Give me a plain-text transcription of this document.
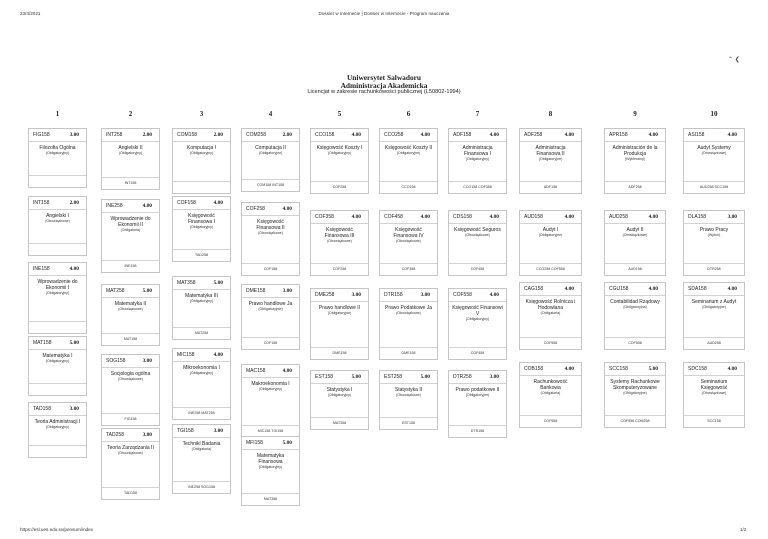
23/4/2021	Dossier w Internecie | Dossier w Internecie - Program nauczania
⌃ ❮
Uniwersytet Salwadoru
Administracja Akademicka
Licencjat w zakresie rachunkowości publicznej (L50802-1994)
1	2	3	4	5	6	7	8	9	10
FIG158	3.00
Filozofia Ogólna
(Obligatoryjny)
INT158	2.00
Angielski I
(Obowiązkowe)
INE158	4.00
Wprowadzenie do Ekonomii I
(Obligatoryjny)
MAT158	5.00
Matematyka I
(Obligatoryjny)
TAD158	3.00
Teoria Administracji I
(Obligatoryjny)
INT258	2.00
Angielski II
(Obligatoryjny)
INT158
INE258	4.00
Wprowadzenie do Ekonomii II
(Obligatoria)
INE158
MAT258	5.00
Matematyka II
(Obowiązkowe)
MAT158
SOG158	3.00
Socjologia ogólna
(Obowiązkowe)
FIG158
TAD258	3.00
Teoria Zarządzania II
(Obowiązkowe)
TAD158
COM158	2.00
Komputacja I
(Obligatoryjny)
COF158	4.00
Księgowość Finansowa I
(Obligatoryjny)
TAD258
MAT358	5.00
Matematyka III
(Obligatoryjny)
MAT258
MIC158	4.00
Mikroekonomia I
(Obligatoryjny)
INE258 MAT258
TGI158	3.00
Techniki Badania
(Obligatoria)
INE258 SOG158
COM258	2.00
Computacja II
(Obligatoryjne)
COM158 INT158
COF258	4.00
Księgowość Finansowa II
(Obowiązkowe)
COF158
DME158	3.00
Prawo handlowe Ja
(Obligatoryjnie)
COF158
MAC158	4.00
Makroekonomia I
(Obligatoryjny)
MIC158 TGI158
MFI158	5.00
Matematyka Finansowa
(Obligatoryjny)
MAT358
CCO158	4.00
Księgowość Koszty I
(Obligatoryjny)
COF258
COF358	4.00
Księgowość Finansowa III
(Obowiązkowe)
COF258
DME258	3.00
Prawo handlowe II
(Obligatoryjne)
DME158
EST158	5.00
Statystyka I
(Obligatoryjny)
MAT358
CCO258	4.00
Księgowość Koszty II
(Obligatoryjne)
CCO158
COF458	4.00
Księgowość Finansowa IV
(Obowiązkowe)
COF358
DTR158	3.00
Prawo Podatkowe Ja
(Obowiązkowe)
DME158
EST258	5.00
Statystyka II
(Obowiązkowe)
EST158
ADF158	4.00
Administracja Finansowa I
(Obligatoryjny)
CCO158 COF358
CDS158	4.00
Księgowość Seguros
(Obowiązkowe)
COF458
COF558	4.00
Księgowość Finansowi V
(Obligatoryjny)
COF458
DTR258	3.00
Prawo podatkowe II
(Obligatoryjne)
DTR158
ADF258	4.00
Administracja Finansowa II
(Obligatoryjne)
ADF158
AUD158	4.00
Audyt I
(Obligatoryjne)
CCO258 COF558
CAG158	4.00
Księgowość Rolnicza i Hodowlana
(Obligatoria)
COF558
COB158	4.00
Rachunkowość Bankowa
(Obligatoria)
COF558
APR158	4.00
Administración de la Produkcja
(Wybieralny)
ADF258
AUD258	4.00
Audyt II
(Obowiązkowe)
AUD158
CGU158	4.00
Contabilidad Rządowy
(Obligatoryjna)
COF558
SCC158	5.00
Systemy Rachunkowe Skomputeryzowane
(Obligatoryjne)
COF558 COM258
ASI158	4.00
Audyt Systemy
(Obowiązkowe)
AUD258 SCC158
DLA158	3.00
Prawo Pracy
(Wybór)
DTR258
SDA158	4.00
Seminarium z Audyt
(Obligatoryjne)
AUD258
SDC158	4.00
Seminarium Księgowość
(Obowiązkowe)
SCC158
https://esl.ues.edu.sv/pensum/index	1/2
